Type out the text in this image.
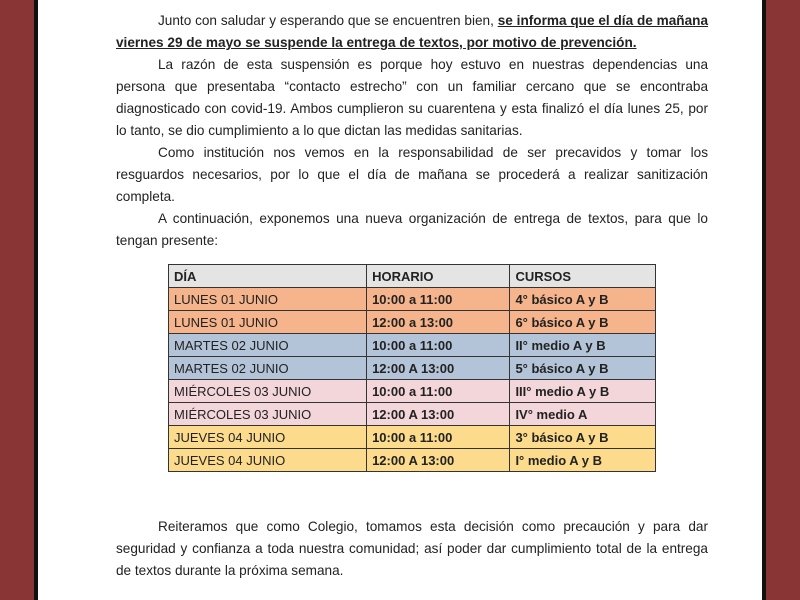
Junto con saludar y esperando que se encuentren bien, se informa que el día de mañana viernes 29 de mayo se suspende la entrega de textos, por motivo de prevención.

La razón de esta suspensión es porque hoy estuvo en nuestras dependencias una persona que presentaba “contacto estrecho” con un familiar cercano que se encontraba diagnosticado con covid-19. Ambos cumplieron su cuarentena y esta finalizó el día lunes 25, por lo tanto, se dio cumplimiento a lo que dictan las medidas sanitarias.

Como institución nos vemos en la responsabilidad de ser precavidos y tomar los resguardos necesarios, por lo que el día de mañana se procederá a realizar sanitización completa.

A continuación, exponemos una nueva organización de entrega de textos, para que lo tengan presente:

DÍA	HORARIO	CURSOS
LUNES 01 JUNIO	10:00 a 11:00	4° básico A y B
LUNES 01 JUNIO	12:00 a 13:00	6° básico A y B
MARTES 02 JUNIO	10:00 a 11:00	II° medio A y B
MARTES 02 JUNIO	12:00 A 13:00	5° básico A y B
MIÉRCOLES 03 JUNIO	10:00 a 11:00	III° medio A y B
MIÉRCOLES 03 JUNIO	12:00 A 13:00	IV° medio A
JUEVES 04 JUNIO	10:00 a 11:00	3° básico A y B
JUEVES 04 JUNIO	12:00 A 13:00	I° medio A y B

Reiteramos que como Colegio, tomamos esta decisión como precaución y para dar seguridad y confianza a toda nuestra comunidad; así poder dar cumplimiento total de la entrega de textos durante la próxima semana.
